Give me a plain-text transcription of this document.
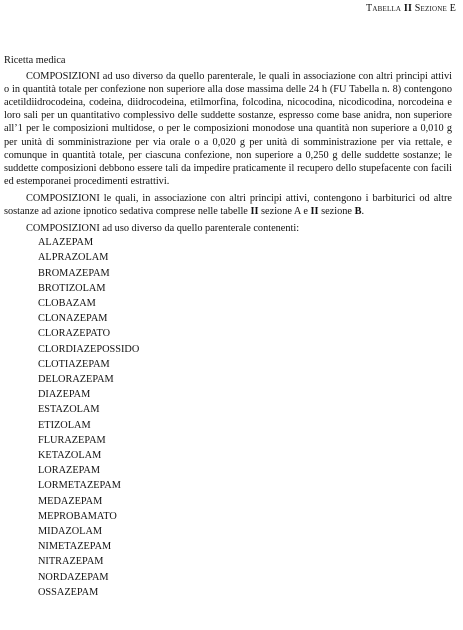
Tabella II Sezione E
Ricetta medica

COMPOSIZIONI ad uso diverso da quello parenterale, le quali in associazione con altri principi attivi o in quantità totale per confezione non superiore alla dose massima delle 24 h (FU Tabella n. 8) contengono acetildiidrocodeina, codeina, diidrocodeina, etilmorfina, folcodina, nicocodina, nicodicodina, norcodeina e loro sali per un quantitativo complessivo delle suddette sostanze, espresso come base anidra, non superiore all’1 per le composizioni multidose, o per le composizioni monodose una quantità non superiore a 0,010 g per unità di somministrazione per via orale o a 0,020 g per unità di somministrazione per via rettale, e comunque in quantità totale, per ciascuna confezione, non superiore a 0,250 g delle suddette sostanze; le suddette composizioni debbono essere tali da impedire praticamente il recupero dello stupefacente con facili ed estemporanei procedimenti estrattivi.

COMPOSIZIONI le quali, in associazione con altri principi attivi, contengono i barbiturici od altre sostanze ad azione ipnotico sedativa comprese nelle tabelle II sezione A e II sezione B.

COMPOSIZIONI ad uso diverso da quello parenterale contenenti:
ALAZEPAM
ALPRAZOLAM
BROMAZEPAM
BROTIZOLAM
CLOBAZAM
CLONAZEPAM
CLORAZEPATO
CLORDIAZEPOSSIDO
CLOTIAZEPAM
DELORAZEPAM
DIAZEPAM
ESTAZOLAM
ETIZOLAM
FLURAZEPAM
KETAZOLAM
LORAZEPAM
LORMETAZEPAM
MEDAZEPAM
MEPROBAMATO
MIDAZOLAM
NIMETAZEPAM
NITRAZEPAM
NORDAZEPAM
OSSAZEPAM
